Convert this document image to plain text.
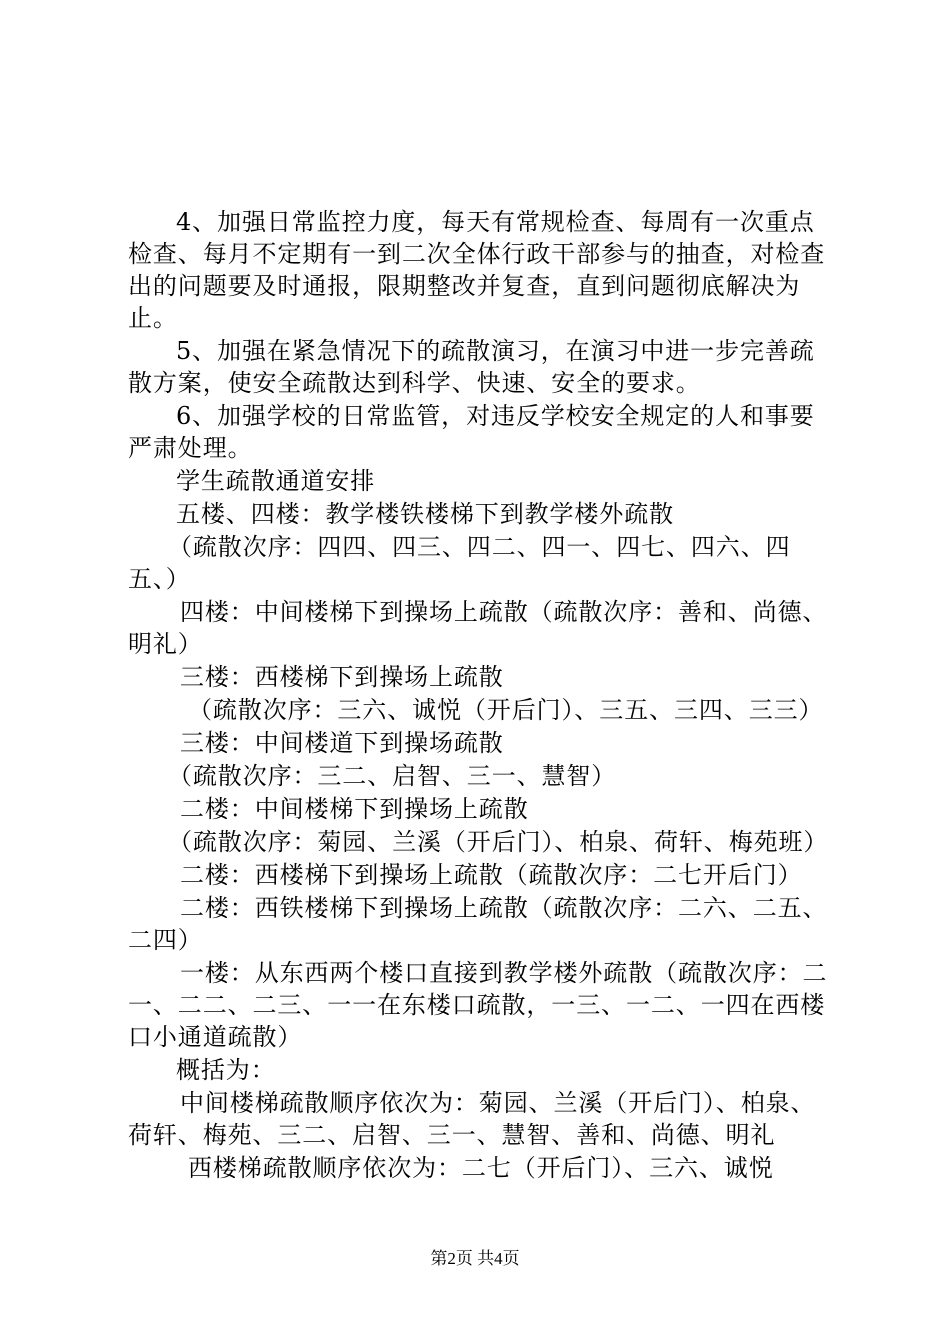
4、加强日常监控力度，每天有常规检查、每周有一次重点检查、每月不定期有一到二次全体行政干部参与的抽查，对检查出的问题要及时通报，限期整改并复查，直到问题彻底解决为止。

5、加强在紧急情况下的疏散演习，在演习中进一步完善疏散方案，使安全疏散达到科学、快速、安全的要求。

6、加强学校的日常监管，对违反学校安全规定的人和事要严肃处理。

学生疏散通道安排

五楼、四楼：教学楼铁楼梯下到教学楼外疏散

（疏散次序：四四、四三、四二、四一、四七、四六、四五、）

四楼：中间楼梯下到操场上疏散（疏散次序：善和、尚德、明礼）

三楼：西楼梯下到操场上疏散

（疏散次序：三六、诚悦（开后门）、三五、三四、三三）

三楼：中间楼道下到操场疏散

（疏散次序：三二、启智、三一、慧智）

二楼：中间楼梯下到操场上疏散

（疏散次序：菊园、兰溪（开后门）、柏泉、荷轩、梅苑班）

二楼：西楼梯下到操场上疏散（疏散次序：二七开后门）

二楼：西铁楼梯下到操场上疏散（疏散次序：二六、二五、二四）

一楼：从东西两个楼口直接到教学楼外疏散（疏散次序：二一、二二、二三、一一在东楼口疏散，一三、一二、一四在西楼口小通道疏散）

概括为：

中间楼梯疏散顺序依次为：菊园、兰溪（开后门）、柏泉、荷轩、梅苑、三二、启智、三一、慧智、善和、尚德、明礼

西楼梯疏散顺序依次为：二七（开后门）、三六、诚悦

第2页 共4页
